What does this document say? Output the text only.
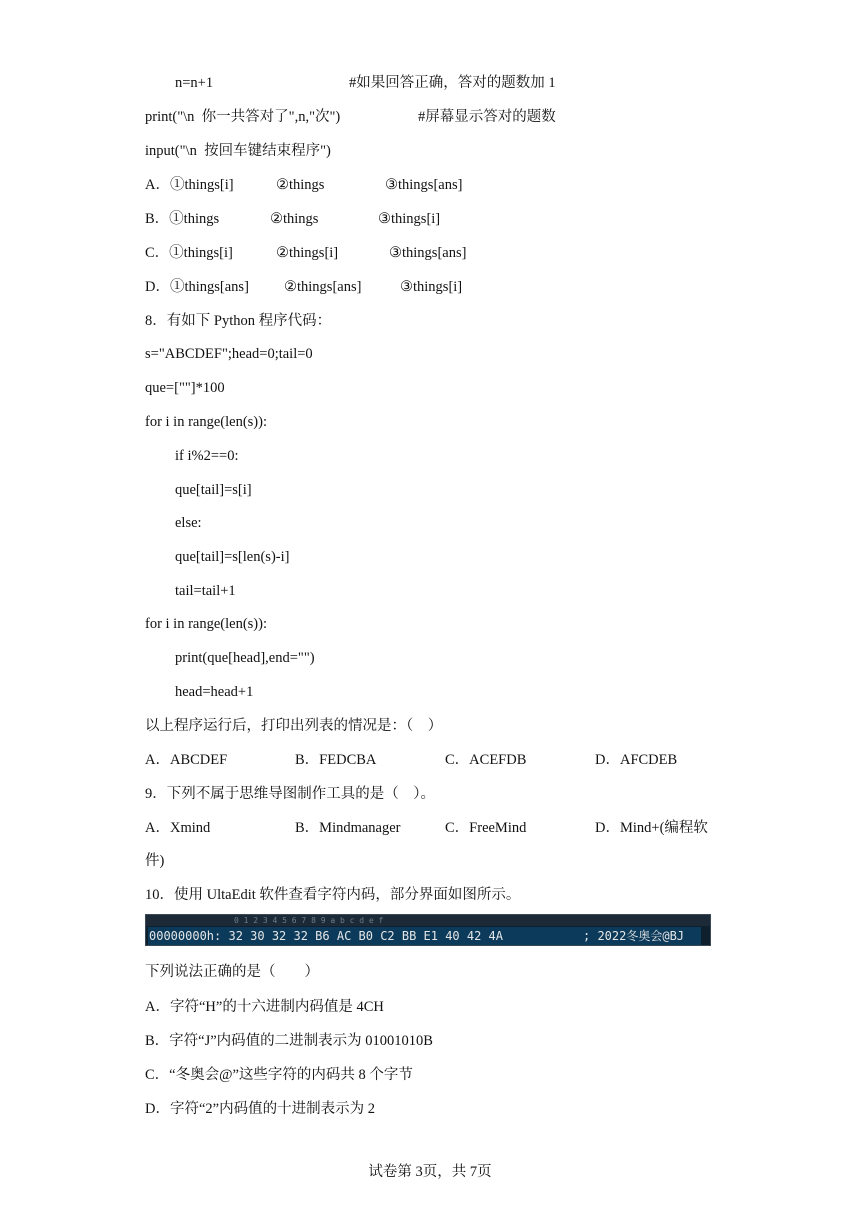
n=n+1	#如果回答正确，答对的题数加 1
print("\n  你一共答对了",n,"次")	#屏幕显示答对的题数
input("\n  按回车键结束程序")
A．①things[i]	②things	③things[ans]
B．①things	②things	③things[i]
C．①things[i]	②things[i]	③things[ans]
D．①things[ans] ②things[ans]	③things[i]
8．有如下 Python 程序代码：
s="ABCDEF";head=0;tail=0
que=[""]*100
for i in range(len(s)):
if i%2==0:
que[tail]=s[i]
else:
que[tail]=s[len(s)-i]
tail=tail+1
for i in range(len(s)):
print(que[head],end="")
head=head+1
以上程序运行后，打印出列表的情况是：（　）
A．ABCDEF	B．FEDCBA	C．ACEFDB	D．AFCDEB
9．下列不属于思维导图制作工具的是（　）。
A．Xmind	B．Mindmanager	C．FreeMind	D．Mind+(编程软
件)
10．使用 UltaEdit 软件查看字符内码，部分界面如图所示。
0 1 2 3 4 5 6 7 8 9 a b c d e f
00000000h: 32 30 32 32 B6 AC B0 C2 BB E1 40 42 4A	; 2022冬奥会@BJ
下列说法正确的是（　　）
A．字符“H”的十六进制内码值是 4CH
B．字符“J”内码值的二进制表示为 01001010B
C．“冬奥会@”这些字符的内码共 8 个字节
D．字符“2”内码值的十进制表示为 2
试卷第 3页，共 7页
